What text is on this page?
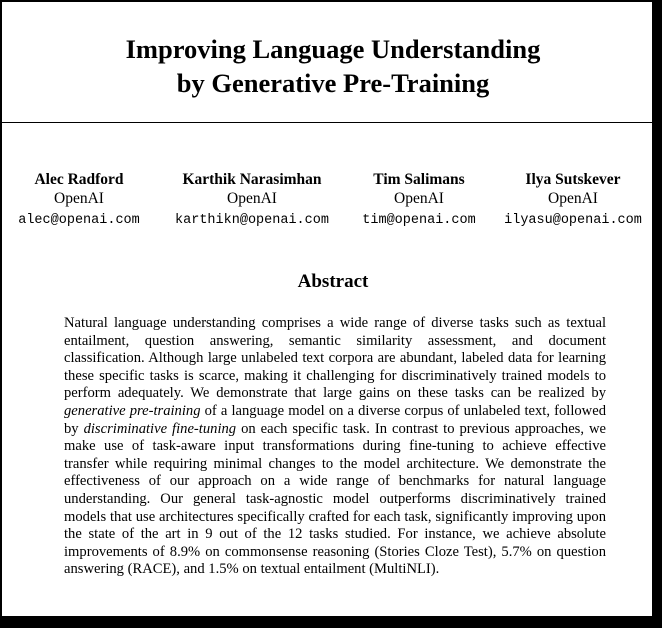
Improving Language Understanding
by Generative Pre-Training
Alec Radford
OpenAI
alec@openai.com
Karthik Narasimhan
OpenAI
karthikn@openai.com
Tim Salimans
OpenAI
tim@openai.com
Ilya Sutskever
OpenAI
ilyasu@openai.com
Abstract
Natural language understanding comprises a wide range of diverse tasks such as textual entailment, question answering, semantic similarity assessment, and document classification. Although large unlabeled text corpora are abundant, labeled data for learning these specific tasks is scarce, making it challenging for discriminatively trained models to perform adequately. We demonstrate that large gains on these tasks can be realized by generative pre-training of a language model on a diverse corpus of unlabeled text, followed by discriminative fine-tuning on each specific task. In contrast to previous approaches, we make use of task-aware input transformations during fine-tuning to achieve effective transfer while requiring minimal changes to the model architecture. We demonstrate the effectiveness of our approach on a wide range of benchmarks for natural language understanding. Our general task-agnostic model outperforms discriminatively trained models that use architectures specifically crafted for each task, significantly improving upon the state of the art in 9 out of the 12 tasks studied. For instance, we achieve absolute improvements of 8.9% on commonsense reasoning (Stories Cloze Test), 5.7% on question answering (RACE), and 1.5% on textual entailment (MultiNLI).
